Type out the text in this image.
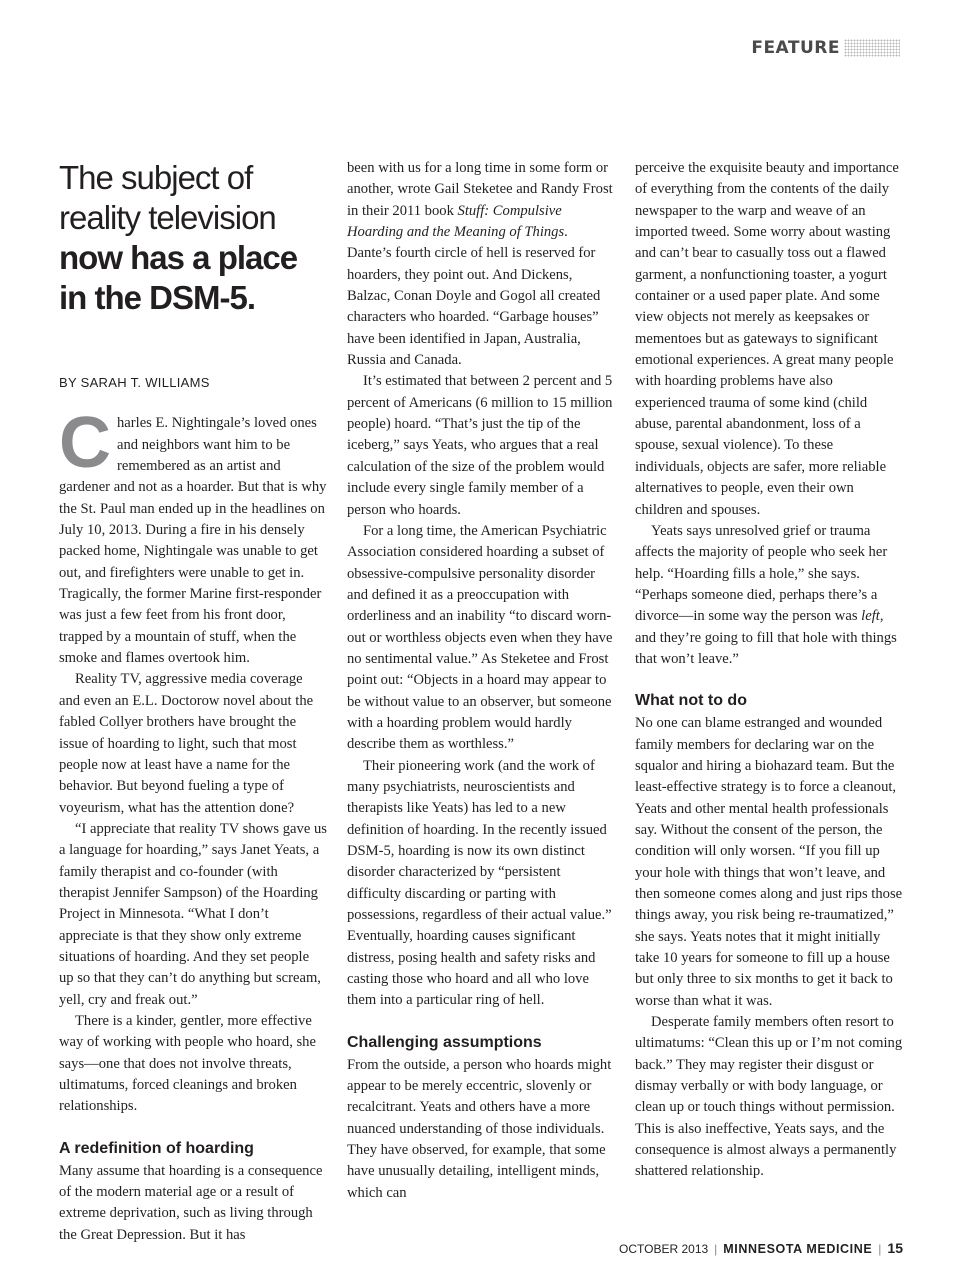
FEATURE
The subject of
reality television
now has a place
in the DSM-5.
BY SARAH T. WILLIAMS

Charles E. Nightingale’s loved ones and neighbors want him to be remembered as an artist and gardener and not as a hoarder. But that is why the St. Paul man ended up in the headlines on July 10, 2013. During a fire in his densely packed home, Nightingale was unable to get out, and firefighters were unable to get in. Tragically, the former Marine first-responder was just a few feet from his front door, trapped by a mountain of stuff, when the smoke and flames overtook him.

Reality TV, aggressive media coverage and even an E.L. Doctorow novel about the fabled Collyer brothers have brought the issue of hoarding to light, such that most people now at least have a name for the behavior. But beyond fueling a type of voyeurism, what has the attention done?

“I appreciate that reality TV shows gave us a language for hoarding,” says Janet Yeats, a family therapist and co-founder (with therapist Jennifer Sampson) of the Hoarding Project in Minnesota. “What I don’t appreciate is that they show only extreme situations of hoarding. And they set people up so that they can’t do anything but scream, yell, cry and freak out.”

There is a kinder, gentler, more effective way of working with people who hoard, she says—one that does not involve threats, ultimatums, forced cleanings and broken relationships.

A redefinition of hoarding

Many assume that hoarding is a consequence of the modern material age or a result of extreme deprivation, such as living through the Great Depression. But it has

been with us for a long time in some form or another, wrote Gail Steketee and Randy Frost in their 2011 book Stuff: Compulsive Hoarding and the Meaning of Things. Dante’s fourth circle of hell is reserved for hoarders, they point out. And Dickens, Balzac, Conan Doyle and Gogol all created characters who hoarded. “Garbage houses” have been identified in Japan, Australia, Russia and Canada.

It’s estimated that between 2 percent and 5 percent of Americans (6 million to 15 million people) hoard. “That’s just the tip of the iceberg,” says Yeats, who argues that a real calculation of the size of the problem would include every single family member of a person who hoards.

For a long time, the American Psychiatric Association considered hoarding a subset of obsessive-compulsive personality disorder and defined it as a preoccupation with orderliness and an inability “to discard worn-out or worthless objects even when they have no sentimental value.” As Steketee and Frost point out: “Objects in a hoard may appear to be without value to an observer, but someone with a hoarding problem would hardly describe them as worthless.”

Their pioneering work (and the work of many psychiatrists, neuroscientists and therapists like Yeats) has led to a new definition of hoarding. In the recently issued DSM-5, hoarding is now its own distinct disorder characterized by “persistent difficulty discarding or parting with possessions, regardless of their actual value.” Eventually, hoarding causes significant distress, posing health and safety risks and casting those who hoard and all who love them into a particular ring of hell.

Challenging assumptions

From the outside, a person who hoards might appear to be merely eccentric, slovenly or recalcitrant. Yeats and others have a more nuanced understanding of those individuals. They have observed, for example, that some have unusually detailing, intelligent minds, which can

perceive the exquisite beauty and importance of everything from the contents of the daily newspaper to the warp and weave of an imported tweed. Some worry about wasting and can’t bear to casually toss out a flawed garment, a nonfunctioning toaster, a yogurt container or a used paper plate. And some view objects not merely as keepsakes or mementoes but as gateways to significant emotional experiences. A great many people with hoarding problems have also experienced trauma of some kind (child abuse, parental abandonment, loss of a spouse, sexual violence). To these individuals, objects are safer, more reliable alternatives to people, even their own children and spouses.

Yeats says unresolved grief or trauma affects the majority of people who seek her help. “Hoarding fills a hole,” she says. “Perhaps someone died, perhaps there’s a divorce—in some way the person was left, and they’re going to fill that hole with things that won’t leave.”

What not to do

No one can blame estranged and wounded family members for declaring war on the squalor and hiring a biohazard team. But the least-effective strategy is to force a cleanout, Yeats and other mental health professionals say. Without the consent of the person, the condition will only worsen. “If you fill up your hole with things that won’t leave, and then someone comes along and just rips those things away, you risk being re-traumatized,” she says. Yeats notes that it might initially take 10 years for someone to fill up a house but only three to six months to get it back to worse than what it was.

Desperate family members often resort to ultimatums: “Clean this up or I’m not coming back.” They may register their disgust or dismay verbally or with body language, or clean up or touch things without permission. This is also ineffective, Yeats says, and the consequence is almost always a permanently shattered relationship.

OCTOBER 2013 | MINNESOTA MEDICINE | 15
